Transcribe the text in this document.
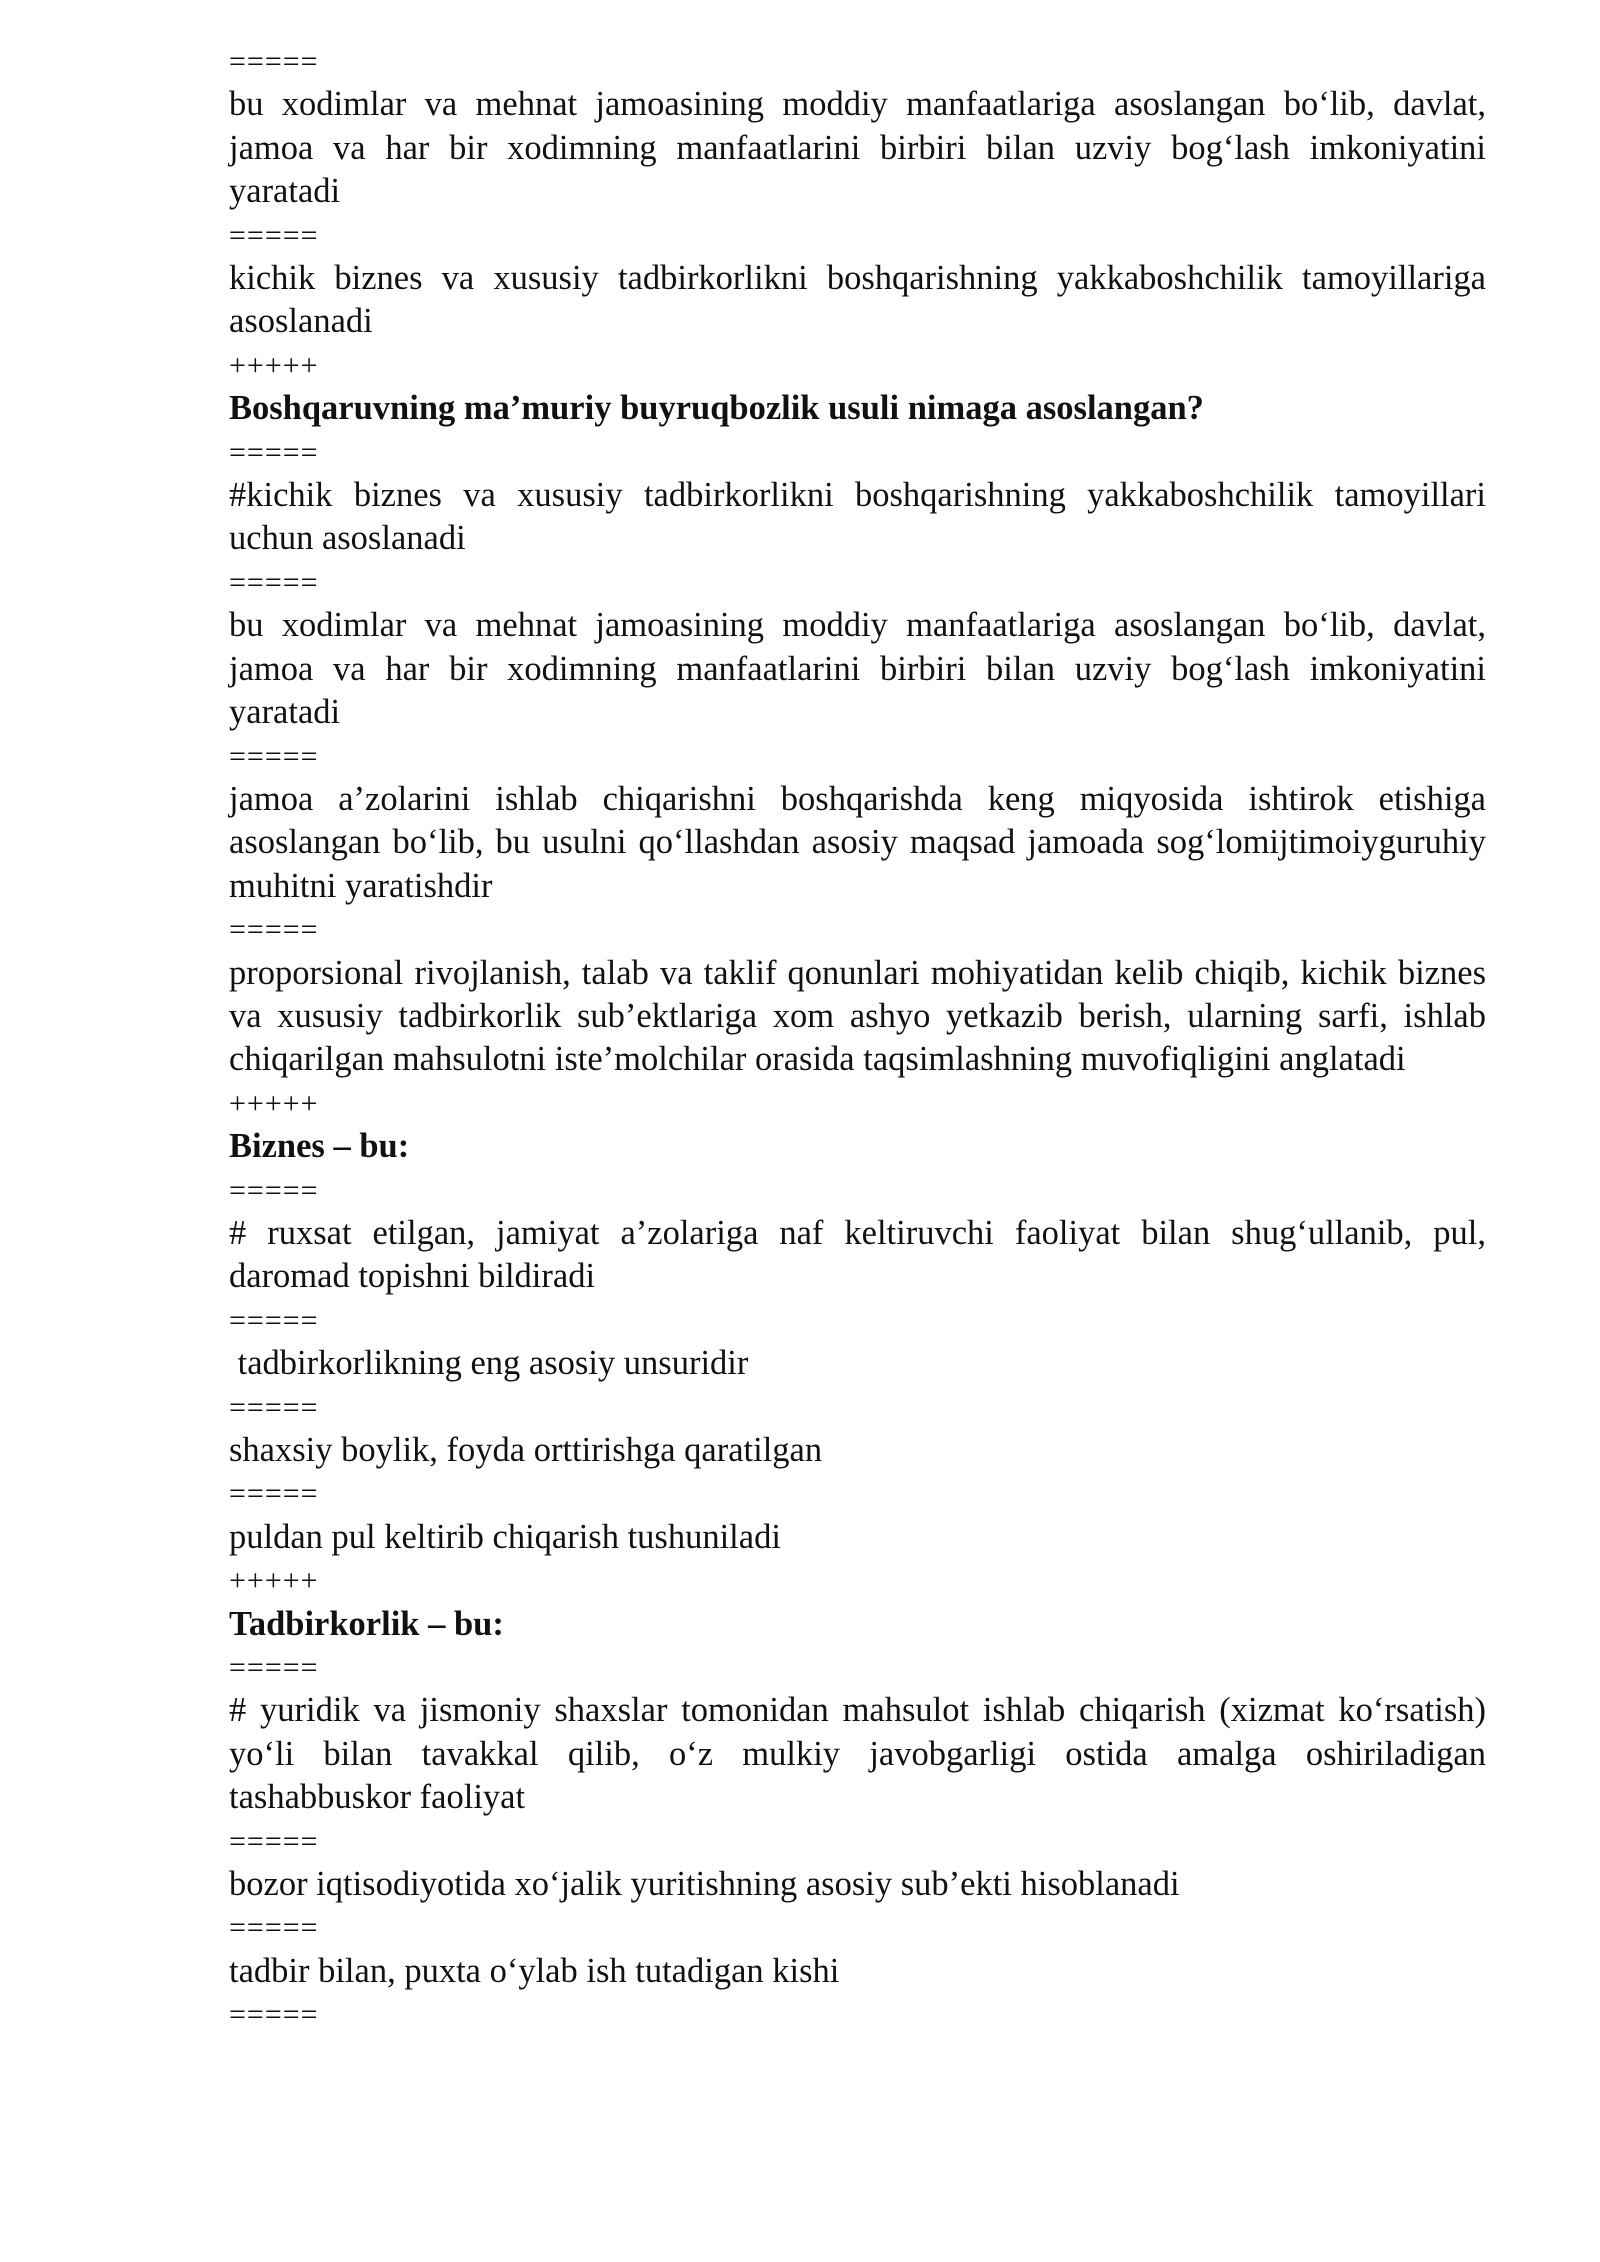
=====

bu xodimlar va mehnat jamoasining moddiy manfaatlariga asoslangan bo‘lib, davlat, jamoa va har bir xodimning manfaatlarini birbiri bilan uzviy bog‘lash imkoniyatini yaratadi

=====

kichik biznes va xususiy tadbirkorlikni boshqarishning yakkaboshchilik tamoyillariga asoslanadi

+++++

Boshqaruvning ma’muriy buyruqbozlik usuli nimaga asoslangan?

=====

#kichik biznes va xususiy tadbirkorlikni boshqarishning yakkaboshchilik tamoyillari uchun asoslanadi

=====

bu xodimlar va mehnat jamoasining moddiy manfaatlariga asoslangan bo‘lib, davlat, jamoa va har bir xodimning manfaatlarini birbiri bilan uzviy bog‘lash imkoniyatini yaratadi

=====

jamoa a’zolarini ishlab chiqarishni boshqarishda keng miqyosida ishtirok etishiga asoslangan bo‘lib, bu usulni qo‘llashdan asosiy maqsad jamoada sog‘lomijtimoiyguruhiy muhitni yaratishdir

=====

proporsional rivojlanish, talab va taklif qonunlari mohiyatidan kelib chiqib, kichik biznes va xususiy tadbirkorlik sub’ektlariga xom ashyo yetkazib berish, ularning sarfi, ishlab chiqarilgan mahsulotni iste’molchilar orasida taqsimlashning muvofiqligini anglatadi

+++++

Biznes – bu:

=====

# ruxsat etilgan, jamiyat a’zolariga naf keltiruvchi faoliyat bilan shug‘ullanib, pul, daromad topishni bildiradi

=====

tadbirkorlikning eng asosiy unsuridir

=====

shaxsiy boylik, foyda orttirishga qaratilgan

=====

puldan pul keltirib chiqarish tushuniladi

+++++

Tadbirkorlik – bu:

=====

# yuridik va jismoniy shaxslar tomonidan mahsulot ishlab chiqarish (xizmat ko‘rsatish) yo‘li bilan tavakkal qilib, o‘z mulkiy javobgarligi ostida amalga oshiriladigan tashabbuskor faoliyat

=====

bozor iqtisodiyotida xo‘jalik yuritishning asosiy sub’ekti hisoblanadi

=====

tadbir bilan, puxta o‘ylab ish tutadigan kishi

=====
